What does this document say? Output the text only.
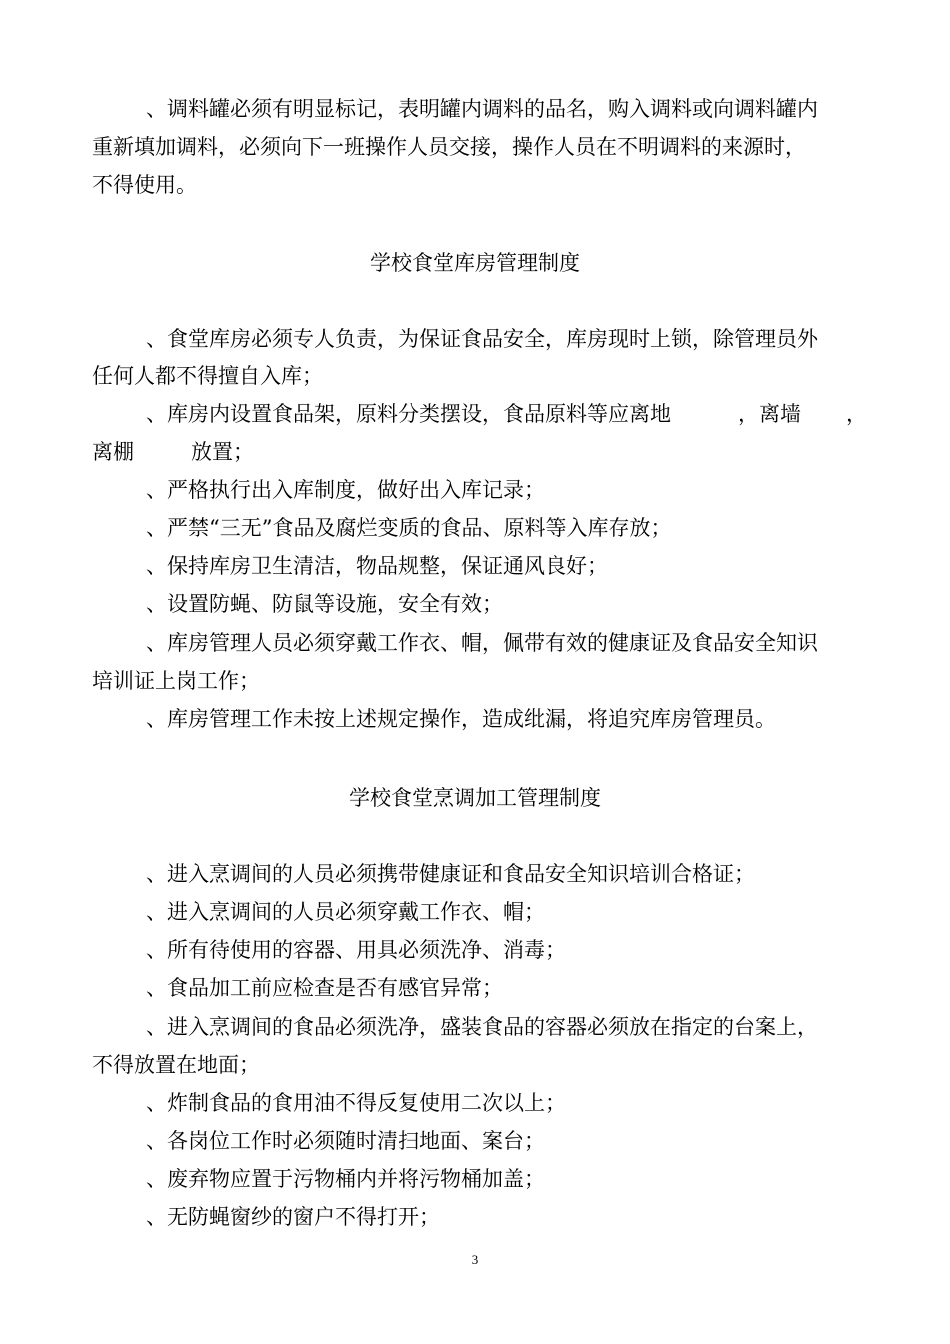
、调料罐必须有明显标记，表明罐内调料的品名，购入调料或向调料罐内
重新填加调料，必须向下一班操作人员交接，操作人员在不明调料的来源时，
不得使用。
学校食堂库房管理制度
、食堂库房必须专人负责，为保证食品安全，库房现时上锁，除管理员外
任何人都不得擅自入库；
、库房内设置食品架，原料分类摆设，食品原料等应离地	，离墙 ，
离棚	放置；
、严格执行出入库制度，做好出入库记录；
、严禁“三无”食品及腐烂变质的食品、原料等入库存放；
、保持库房卫生清洁，物品规整，保证通风良好；
、设置防蝇、防鼠等设施，安全有效；
、库房管理人员必须穿戴工作衣、帽，佩带有效的健康证及食品安全知识
培训证上岗工作；
、库房管理工作未按上述规定操作，造成纰漏，将追究库房管理员。
学校食堂烹调加工管理制度
、进入烹调间的人员必须携带健康证和食品安全知识培训合格证；
、进入烹调间的人员必须穿戴工作衣、帽；
、所有待使用的容器、用具必须洗净、消毒；
、食品加工前应检查是否有感官异常；
、进入烹调间的食品必须洗净，盛装食品的容器必须放在指定的台案上，
不得放置在地面；
、炸制食品的食用油不得反复使用二次以上；
、各岗位工作时必须随时清扫地面、案台；
、废弃物应置于污物桶内并将污物桶加盖；
、无防蝇窗纱的窗户不得打开；
3
